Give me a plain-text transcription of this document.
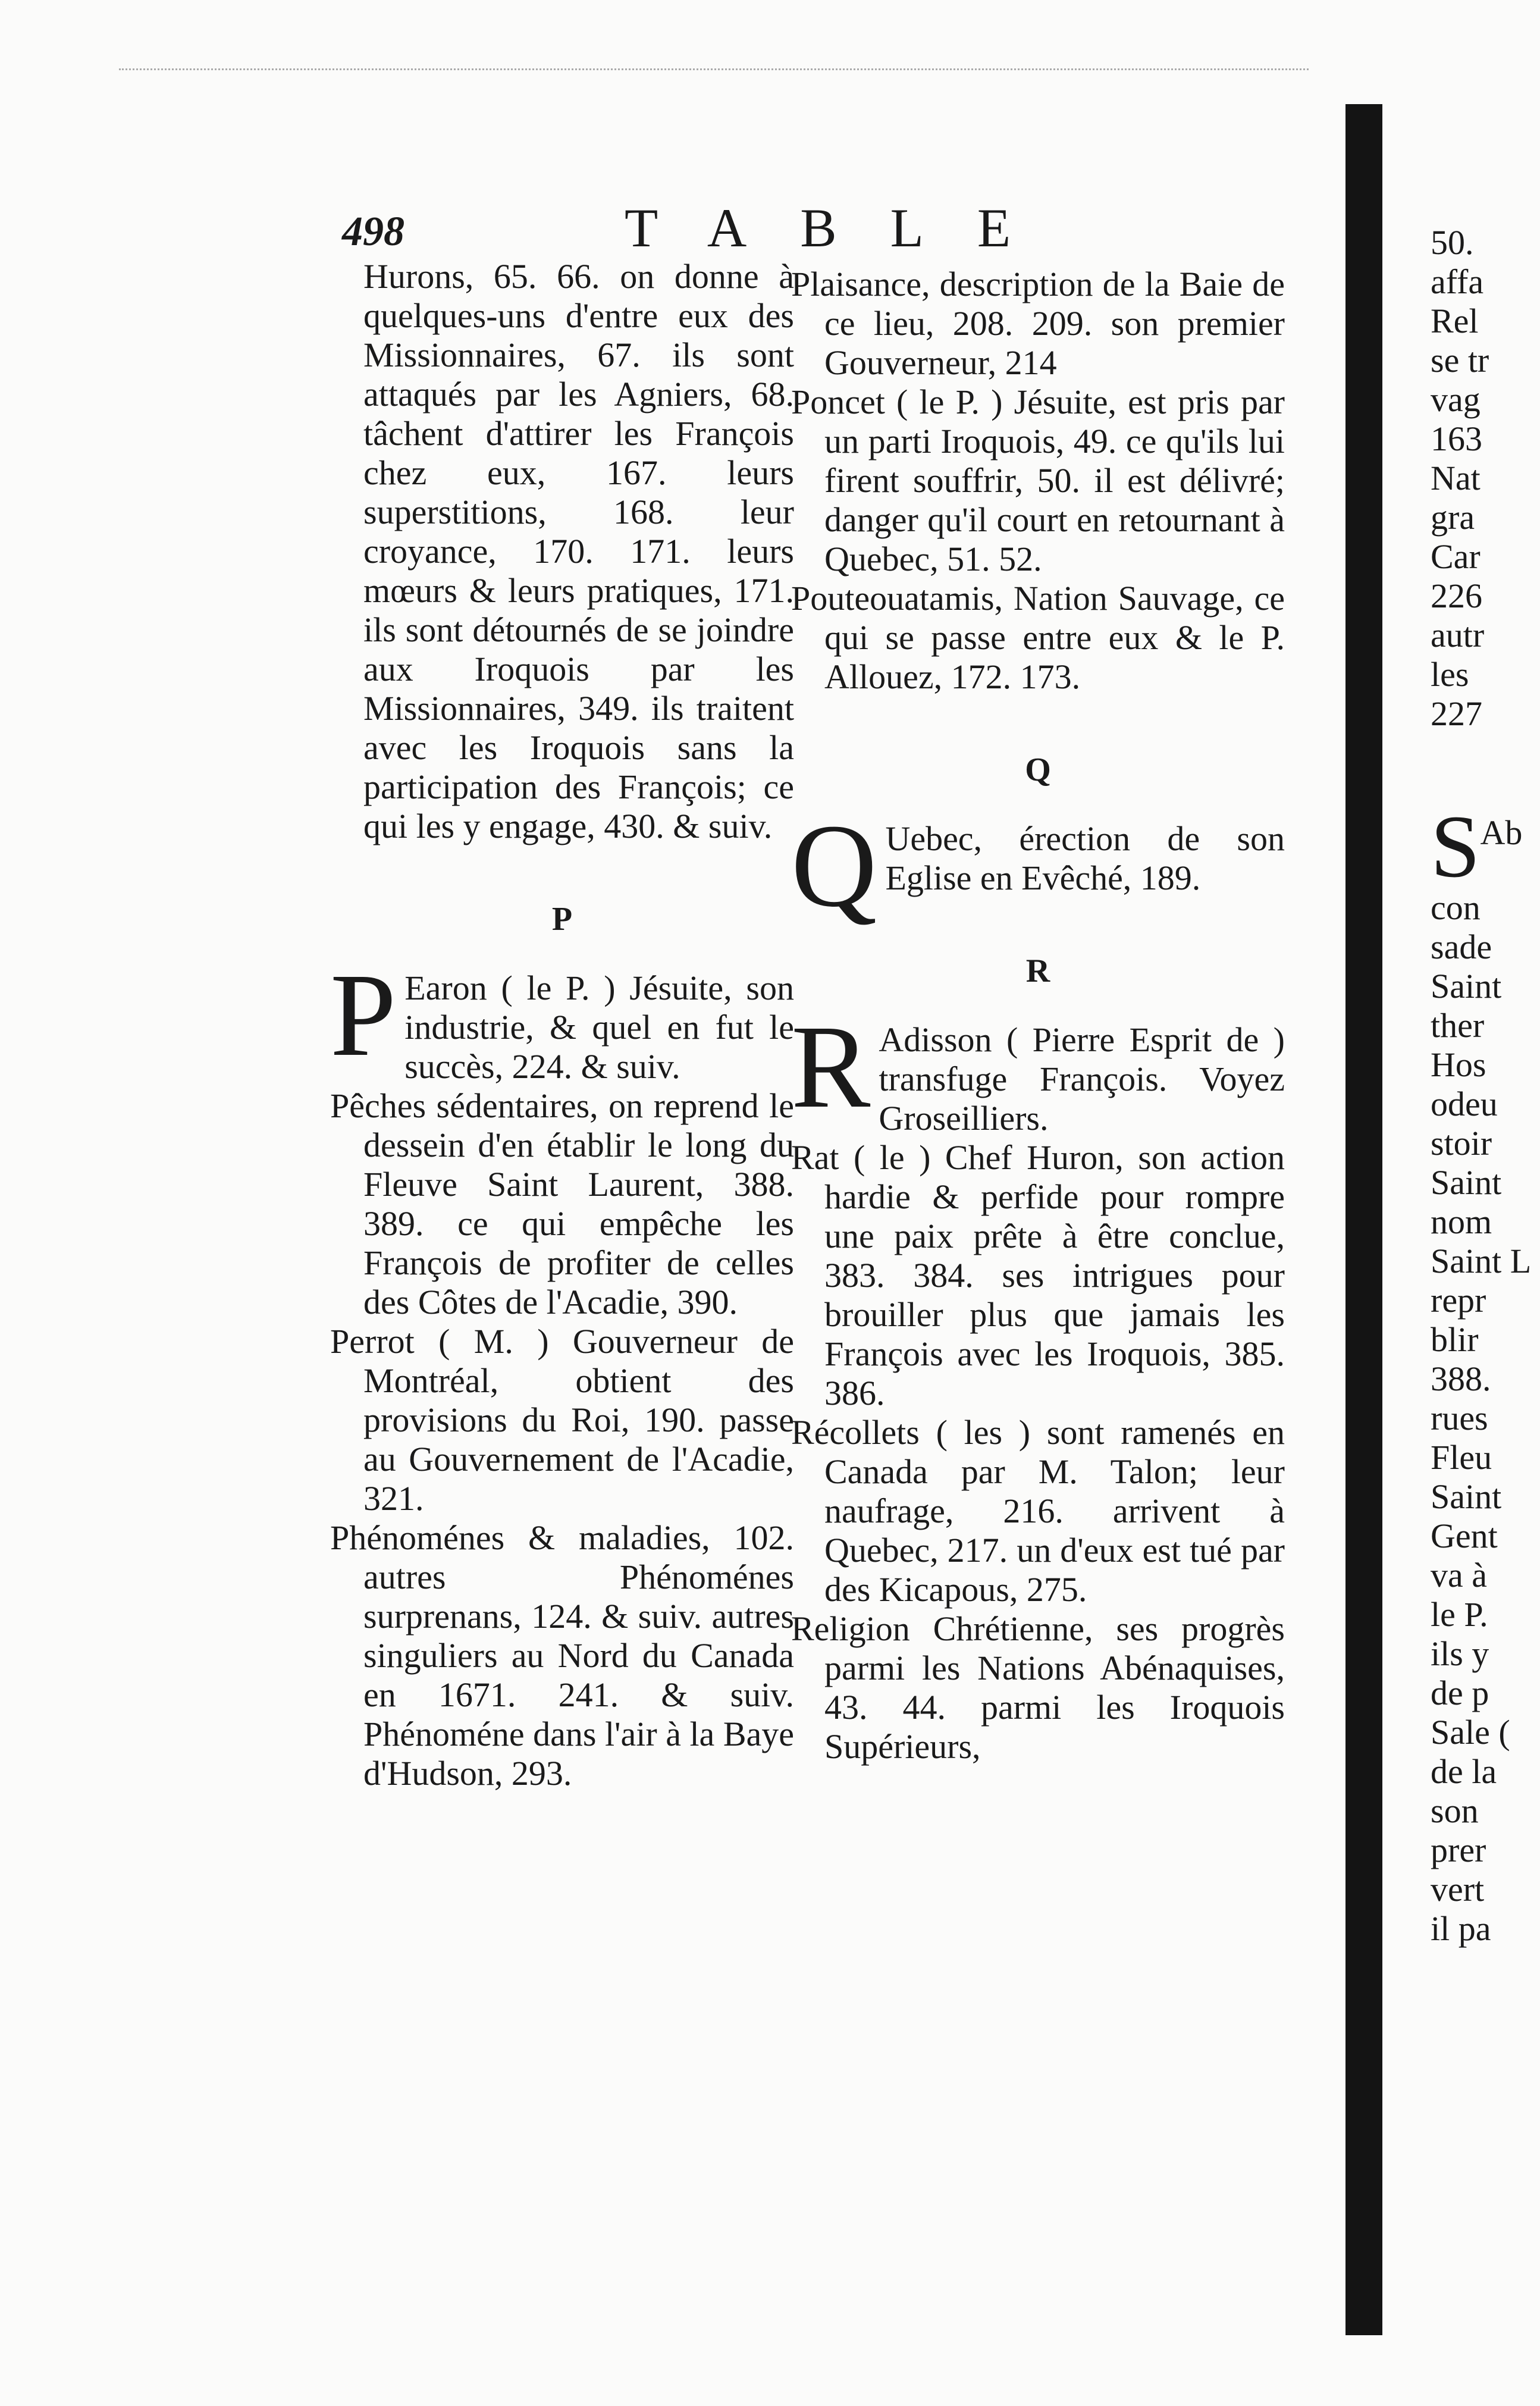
498	TABLE

Hurons, 65. 66. on donne à quelques-uns d'entre eux des Missionnaires, 67. ils sont attaqués par les Agniers, 68. tâchent d'attirer les François chez eux, 167. leurs superstitions, 168. leur croyance, 170. 171. leurs mœurs & leurs pratiques, 171. ils sont détournés de se joindre aux Iroquois par les Missionnaires, 349. ils traitent avec les Iroquois sans la participation des François; ce qui les y engage, 430. & suiv.

P

P Earon ( le P. ) Jésuite, son industrie, & quel en fut le succès, 224. & suiv.

Pêches sédentaires, on reprend le dessein d'en établir le long du Fleuve Saint Laurent, 388. 389. ce qui empêche les François de profiter de celles des Côtes de l'Acadie, 390.

Perrot ( M. ) Gouverneur de Montréal, obtient des provisions du Roi, 190. passe au Gouvernement de l'Acadie, 321.

Phénoménes & maladies, 102. autres Phénoménes surprenans, 124. & suiv. autres singuliers au Nord du Canada en 1671. 241. & suiv. Phénoméne dans l'air à la Baye d'Hudson, 293.

Plaisance, description de la Baie de ce lieu, 208. 209. son premier Gouverneur, 214

Poncet ( le P. ) Jésuite, est pris par un parti Iroquois, 49. ce qu'ils lui firent souffrir, 50. il est délivré; danger qu'il court en retournant à Quebec, 51. 52.

Pouteouatamis, Nation Sauvage, ce qui se passe entre eux & le P. Allouez, 172. 173.

Q

Q Uebec, érection de son Eglise en Evêché, 189.

R

R Adisson ( Pierre Esprit de ) transfuge François. Voyez Groseilliers.

Rat ( le ) Chef Huron, son action hardie & perfide pour rompre une paix prête à être conclue, 383. 384. ses intrigues pour brouiller plus que jamais les François avec les Iroquois, 385. 386.

Récollets ( les ) sont ramenés en Canada par M. Talon; leur naufrage, 216. arrivent à Quebec, 217. un d'eux est tué par des Kicapous, 275.

Religion Chrétienne, ses progrès parmi les Nations Abénaquises, 43. 44. parmi les Iroquois Supérieurs,

50.

affa

Rel

se tr

vag

163

Nat

gra

Car

226

autr

les

227

S Ab

con

sade

Saint

ther

Hos

odeu

stoir

Saint

nom

Saint L

repr

blir

388.

rues

Fleu

Saint

Gent

va à

le P.

ils y

de p

Sale (

de la

son

prer

vert

il pa
